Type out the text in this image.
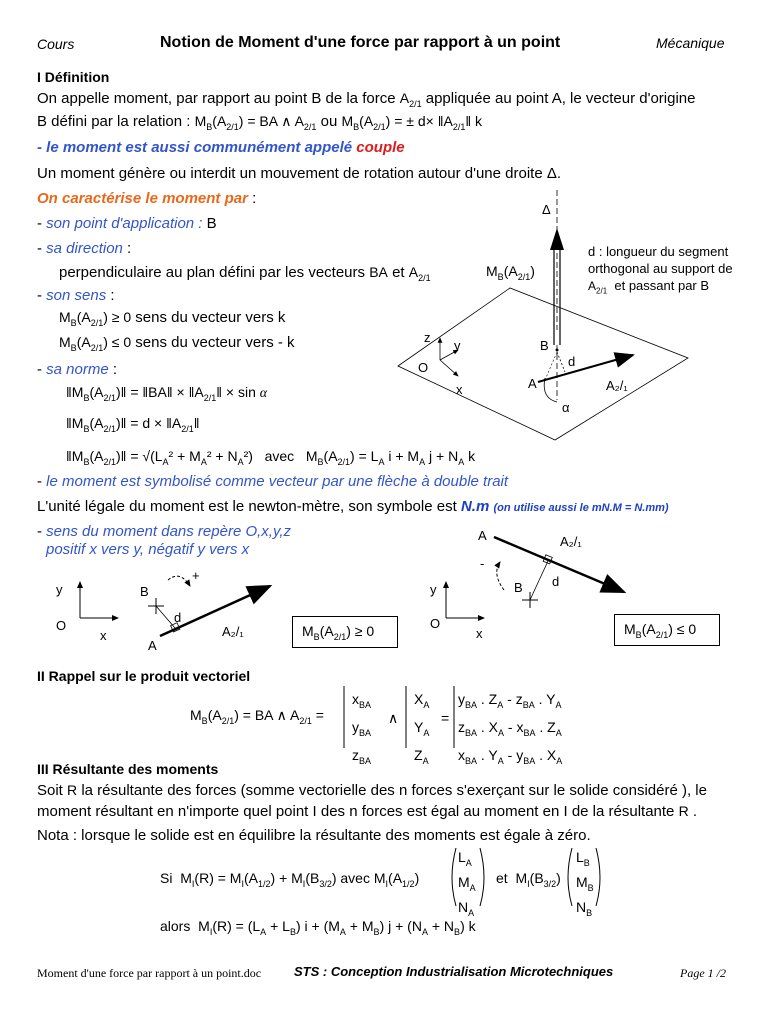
Cours	Notion de Moment d'une force par rapport à un point	Mécanique
I Définition
On appelle moment, par rapport au point B de la force $A_{2/1}$ appliquée au point A, le vecteur d'origine
B défini par la relation : $M_B(A_{2/1})$ = BA ∧ $A_{2/1}$ ou $M_B(A_{2/1})$ = ± $d\times ‖A_{2/1}‖$ k
- le moment est aussi communément appelé couple
Un moment génère ou interdit un mouvement de rotation autour d'une droite Δ.
On caractérise le moment par :
- son point d'application : B
- sa direction :
perpendiculaire au plan défini par les vecteurs BA et $A_{2/1}$	$M_B(A_{2/1})$
d : longueur du segment
orthogonal au support de
$A_{2/1}$ et passant par B
- son sens :
$M_B(A_{2/1}) \ge 0$ sens du vecteur vers k
$M_B(A_{2/1}) \le 0$ sens du vecteur vers - k
- sa norme :
$‖M_B(A_{2/1})‖$ = ‖BA‖ × $‖A_{2/1}‖ \times \sin \alpha$
$‖M_B(A_{2/1})‖ = d$ × $‖A_{2/1}‖$
$‖M_B(A_{2/1})‖ = √(L_A^2 + M_A^2 + N_A^2)$   avec   $M_B(A_{2/1}) = L_A$ $i + M_A$ $j + N_A$ k
- le moment est symbolisé comme vecteur par une flèche à double trait
L'unité légale du moment est le newton-mètre, son symbole est N.m (on utilise aussi le mN.M = N.mm)
- sens du moment dans repère O,x,y,z
positif x vers y, négatif y vers x
Δ
B
A
d
α
A₂/₁
z
y
O
x
y
O
x
+
B
d
A
A₂/₁
y
O
x
-
A
B d
A₂/₁
$M_B(A_{2/1}) \ge 0$	$M_B(A_{2/1}) \le 0$
II Rappel sur le produit vectoriel
$M_B(A_{2/1})$ = BA ∧ $A_{2/1}$ =
$x_{BA}$
$y_{BA}$
$z_{BA}$
∧
$X_A$
$Y_A$
$Z_A$
=
$y_{BA}$ . $Z_A - z_{BA}$ . $Y_A$
$z_{BA}$ . $X_A - x_{BA}$ . $Z_A$
$x_{BA}$ . $Y_A - y_{BA}$ . $X_A$
III Résultante des moments
Soit R la résultante des forces (somme vectorielle des n forces s'exerçant sur le solide considéré ), le
moment résultant en n'importe quel point I des n forces est égal au moment en I de la résultante R .
Nota : lorsque le solide est en équilibre la résultante des moments est égale à zéro.
Si  $M_I(R) = M_I(A_{1/2}) + M_I(B_{3/2})$ avec $M_I(A_{1/2})$
$L_A$
$M_A$
$N_A$
et  $M_I(B_{3/2})$
$L_B$
$M_B$
$N_B$
alors  $M_I(R) = (L_A + L_B) i + (M_A + M_B) j + (N_A + N_B)$ k
Moment d'une force par rapport à un point.doc	STS : Conception Industrialisation Microtechniques	Page 1 /2
